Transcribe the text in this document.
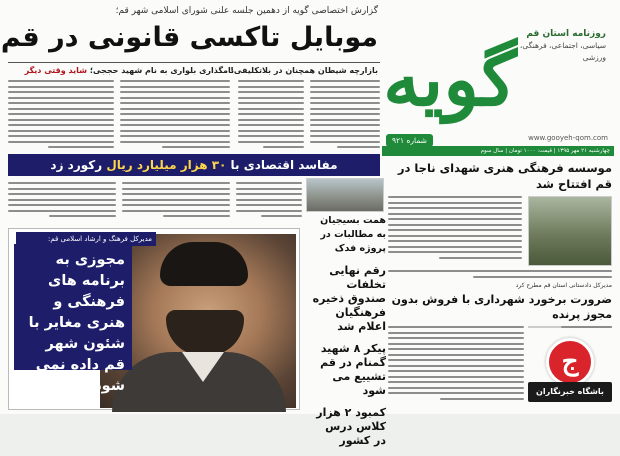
روزنامه استان قم
سیاسی، اجتماعی، فرهنگی، ورزشی
گویه
شماره ۹۲۱	www.gooyeh-qom.com
چهارشنبه ۲۱ مهر ۱۳۹۵ | قیمت: ۱۰۰۰ تومان | سال سوم
گزارش اختصاصی گویه از دهمین جلسه علنی شورای اسلامی شهر قم؛
موبایل تاکسی قانونی در قم
بازارچه شیطان همچنان در بلاتکلیفی!
نامگذاری بلواری به نام شهید حججی؛ شاید وقتی دیگر
مفاسد اقتصادی با ۳۰ هزار میلیارد ریال رکورد زد
مدیرکل فرهنگ و ارشاد اسلامی قم:
مجوزی به برنامه های فرهنگی و هنری مغایر با شئون شهر قم داده نمی شود
همت بسیجیان به مطالبات در پروژه فدک
رقم نهایی تخلفات صندوق ذخیره فرهنگیان اعلام شد
پیکر ۸ شهید گمنام در قم تشییع می شود
کمبود ۲ هزار کلاس درس در کشور
موسسه فرهنگی هنری شهدای ناجا در قم افتتاح شد
مدیرکل دادستانی استان قم مطرح کرد
ضرورت برخورد شهرداری با فروش بدون مجوز پرنده
ج
باشگاه خبرنگاران
